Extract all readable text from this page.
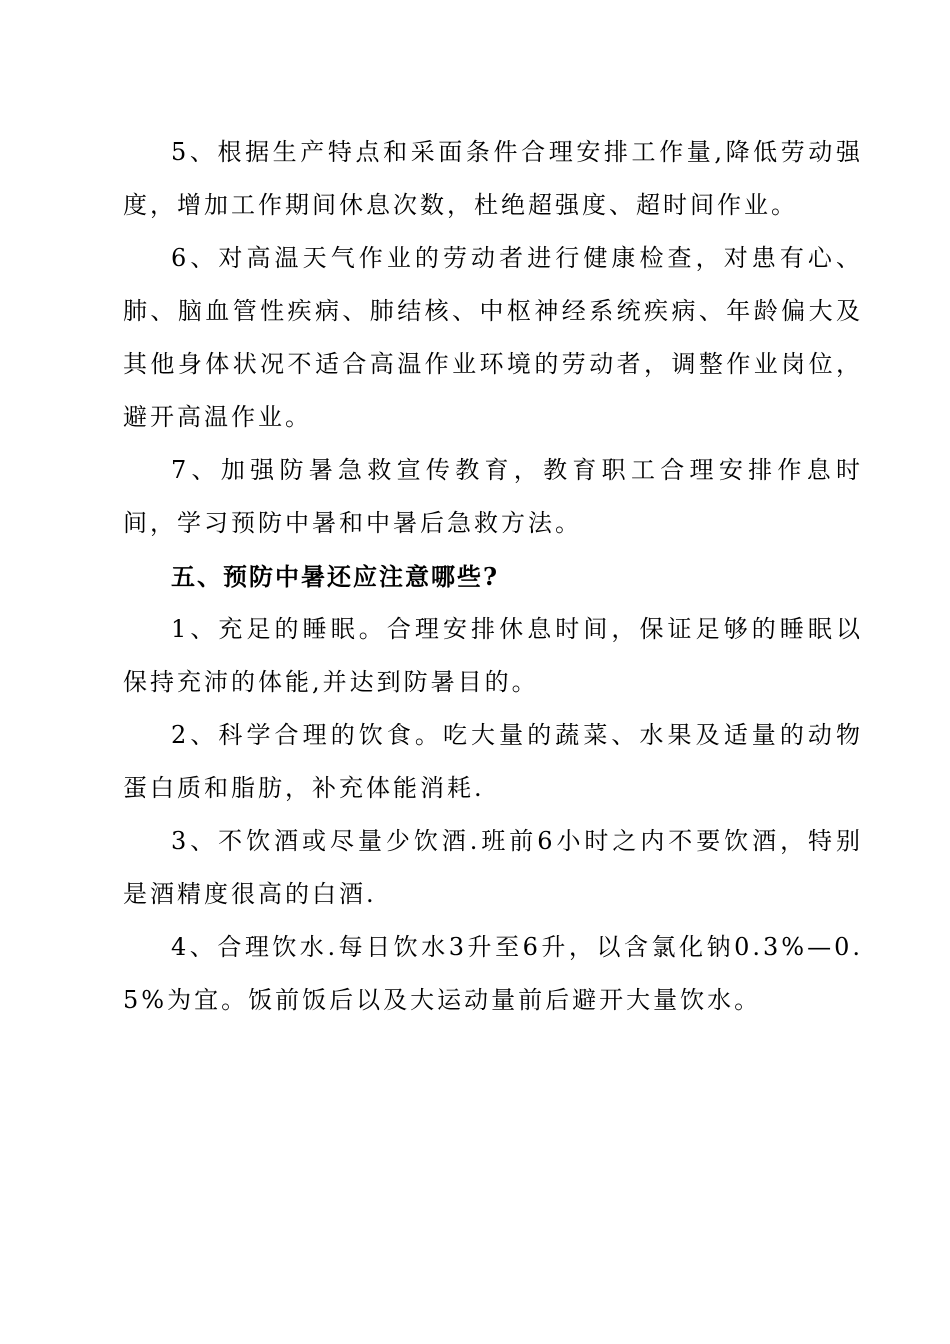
5、根据生产特点和采面条件合理安排工作量,降低劳动强度，增加工作期间休息次数，杜绝超强度、超时间作业。

6、对高温天气作业的劳动者进行健康检查，对患有心、肺、脑血管性疾病、肺结核、中枢神经系统疾病、年龄偏大及其他身体状况不适合高温作业环境的劳动者，调整作业岗位，避开高温作业。

7、加强防暑急救宣传教育，教育职工合理安排作息时间，学习预防中暑和中暑后急救方法。

五、预防中暑还应注意哪些?

1、充足的睡眠。合理安排休息时间，保证足够的睡眠以保持充沛的体能,并达到防暑目的。

2、科学合理的饮食。吃大量的蔬菜、水果及适量的动物蛋白质和脂肪，补充体能消耗.

3、不饮酒或尽量少饮酒.班前6小时之内不要饮酒，特别是酒精度很高的白酒.

4、合理饮水.每日饮水3升至6升，以含氯化钠0.3%—0.5%为宜。饭前饭后以及大运动量前后避开大量饮水。
